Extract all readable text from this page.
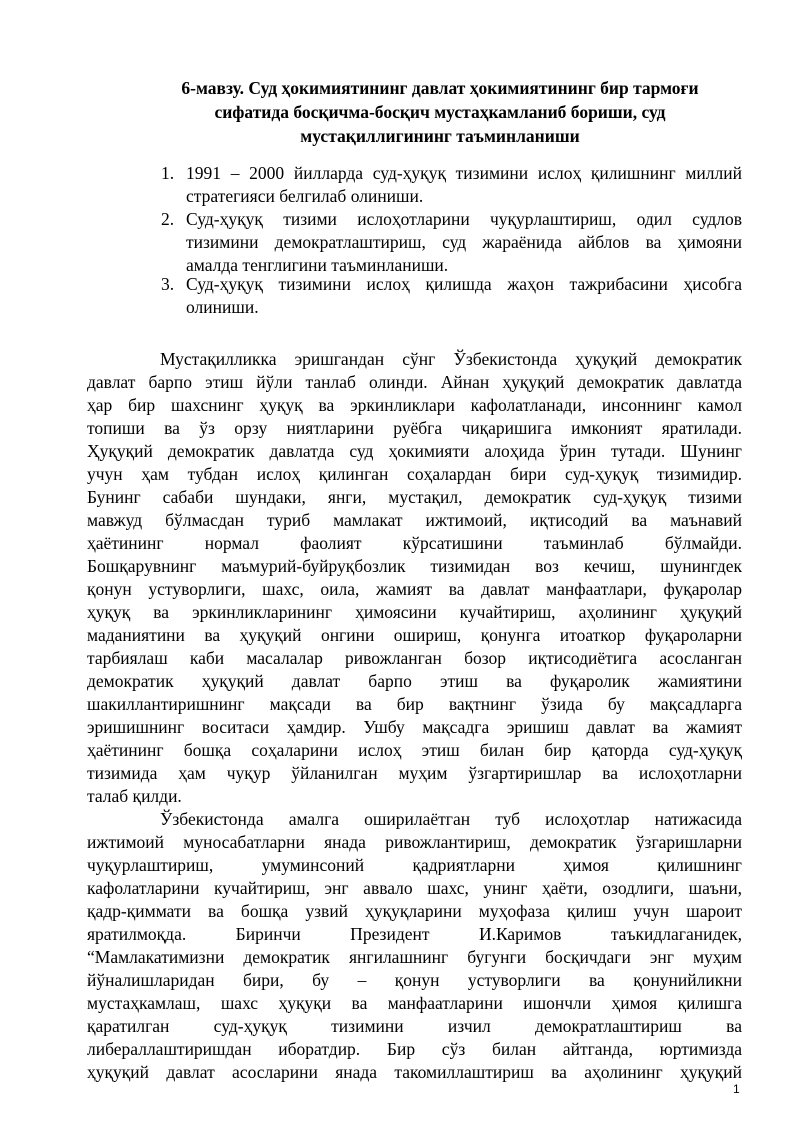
6-мавзу. Суд ҳокимиятининг давлат ҳокимиятининг бир тармоғи
сифатида босқичма-босқич мустаҳкамланиб бориши, суд
мустақиллигининг таъминланиши
1. 1991 – 2000 йилларда суд-ҳуқуқ тизимини ислоҳ қилишнинг миллий
стратегияси белгилаб олиниши.
2. Суд-ҳуқуқ тизими ислоҳотларини чуқурлаштириш, одил судлов
тизимини демократлаштириш, суд жараёнида айблов ва ҳимояни
амалда тенглигини таъминланиши.
3. Суд-ҳуқуқ тизимини ислоҳ қилишда жаҳон тажрибасини ҳисобга
олиниши.
Мустақилликка эришгандан сўнг Ўзбекистонда ҳуқуқий демократик
давлат барпо этиш йўли танлаб олинди. Айнан ҳуқуқий демократик давлатда
ҳар бир шахснинг ҳуқуқ ва эркинликлари кафолатланади, инсоннинг камол
топиши ва ўз орзу ниятларини руёбга чиқаришига имконият яратилади.
Ҳуқуқий демократик давлатда суд ҳокимияти алоҳида ўрин тутади. Шунинг
учун ҳам тубдан ислоҳ қилинган соҳалардан бири суд-ҳуқуқ тизимидир.
Бунинг сабаби шундаки, янги, мустақил, демократик суд-ҳуқуқ тизими
мавжуд бўлмасдан туриб мамлакат ижтимоий, иқтисодий ва маънавий
ҳаётининг нормал фаолият кўрсатишини таъминлаб бўлмайди.
Бошқарувнинг маъмурий-буйруқбозлик тизимидан воз кечиш, шунингдек
қонун устуворлиги, шахс, оила, жамият ва давлат манфаатлари, фуқаролар
ҳуқуқ ва эркинликларининг ҳимоясини кучайтириш, аҳолининг ҳуқуқий
маданиятини ва ҳуқуқий онгини ошириш, қонунга итоаткор фуқароларни
тарбиялаш каби масалалар ривожланган бозор иқтисодиётига асосланган
демократик ҳуқуқий давлат барпо этиш ва фуқаролик жамиятини
шакиллантиришнинг мақсади ва бир вақтнинг ўзида бу мақсадларга
эришишнинг воситаси ҳамдир. Ушбу мақсадга эришиш давлат ва жамият
ҳаётининг бошқа соҳаларини ислоҳ этиш билан бир қаторда суд-ҳуқуқ
тизимида ҳам чуқур ўйланилган муҳим ўзгартиришлар ва ислоҳотларни
талаб қилди.
Ўзбекистонда амалга оширилаётган туб ислоҳотлар натижасида
ижтимоий муносабатларни янада ривожлантириш, демократик ўзгаришларни
чуқурлаштириш, умуминсоний қадриятларни ҳимоя қилишнинг
кафолатларини кучайтириш, энг аввало шахс, унинг ҳаёти, озодлиги, шаъни,
қадр-қиммати ва бошқа узвий ҳуқуқларини муҳофаза қилиш учун шароит
яратилмоқда. Биринчи Президент И.Каримов таъкидлаганидек,
“Мамлакатимизни демократик янгилашнинг бугунги босқичдаги энг муҳим
йўналишларидан бири, бу – қонун устуворлиги ва қонунийликни
мустаҳкамлаш, шахс ҳуқуқи ва манфаатларини ишончли ҳимоя қилишга
қаратилган суд-ҳуқуқ тизимини изчил демократлаштириш ва
либераллаштиришдан иборатдир. Бир сўз билан айтганда, юртимизда
ҳуқуқий давлат асосларини янада такомиллаштириш ва аҳолининг ҳуқуқий
1
